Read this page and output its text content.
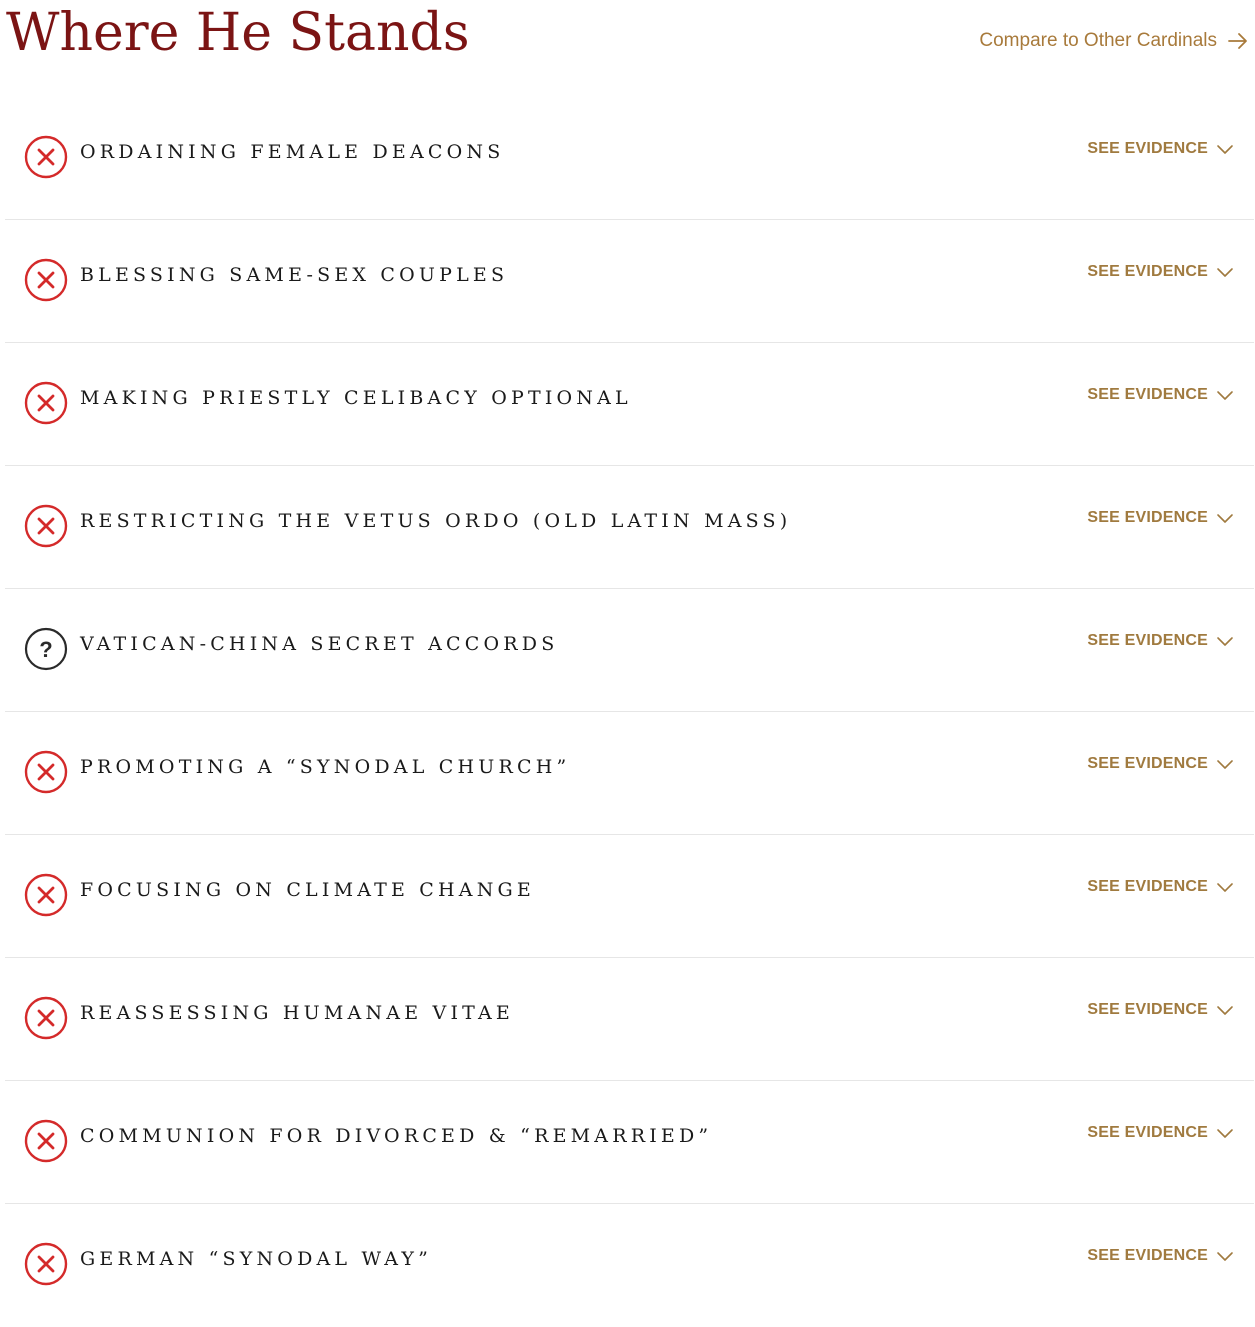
Where He Stands	Compare to Other Cardinals
ORDAINING FEMALE DEACONS	SEE EVIDENCE
BLESSING SAME-SEX COUPLES	SEE EVIDENCE
MAKING PRIESTLY CELIBACY OPTIONAL	SEE EVIDENCE
RESTRICTING THE VETUS ORDO (OLD LATIN MASS)	SEE EVIDENCE
? VATICAN-CHINA SECRET ACCORDS	SEE EVIDENCE
PROMOTING A “SYNODAL CHURCH”	SEE EVIDENCE
FOCUSING ON CLIMATE CHANGE	SEE EVIDENCE
REASSESSING HUMANAE VITAE	SEE EVIDENCE
COMMUNION FOR DIVORCED & “REMARRIED”	SEE EVIDENCE
GERMAN “SYNODAL WAY”	SEE EVIDENCE
